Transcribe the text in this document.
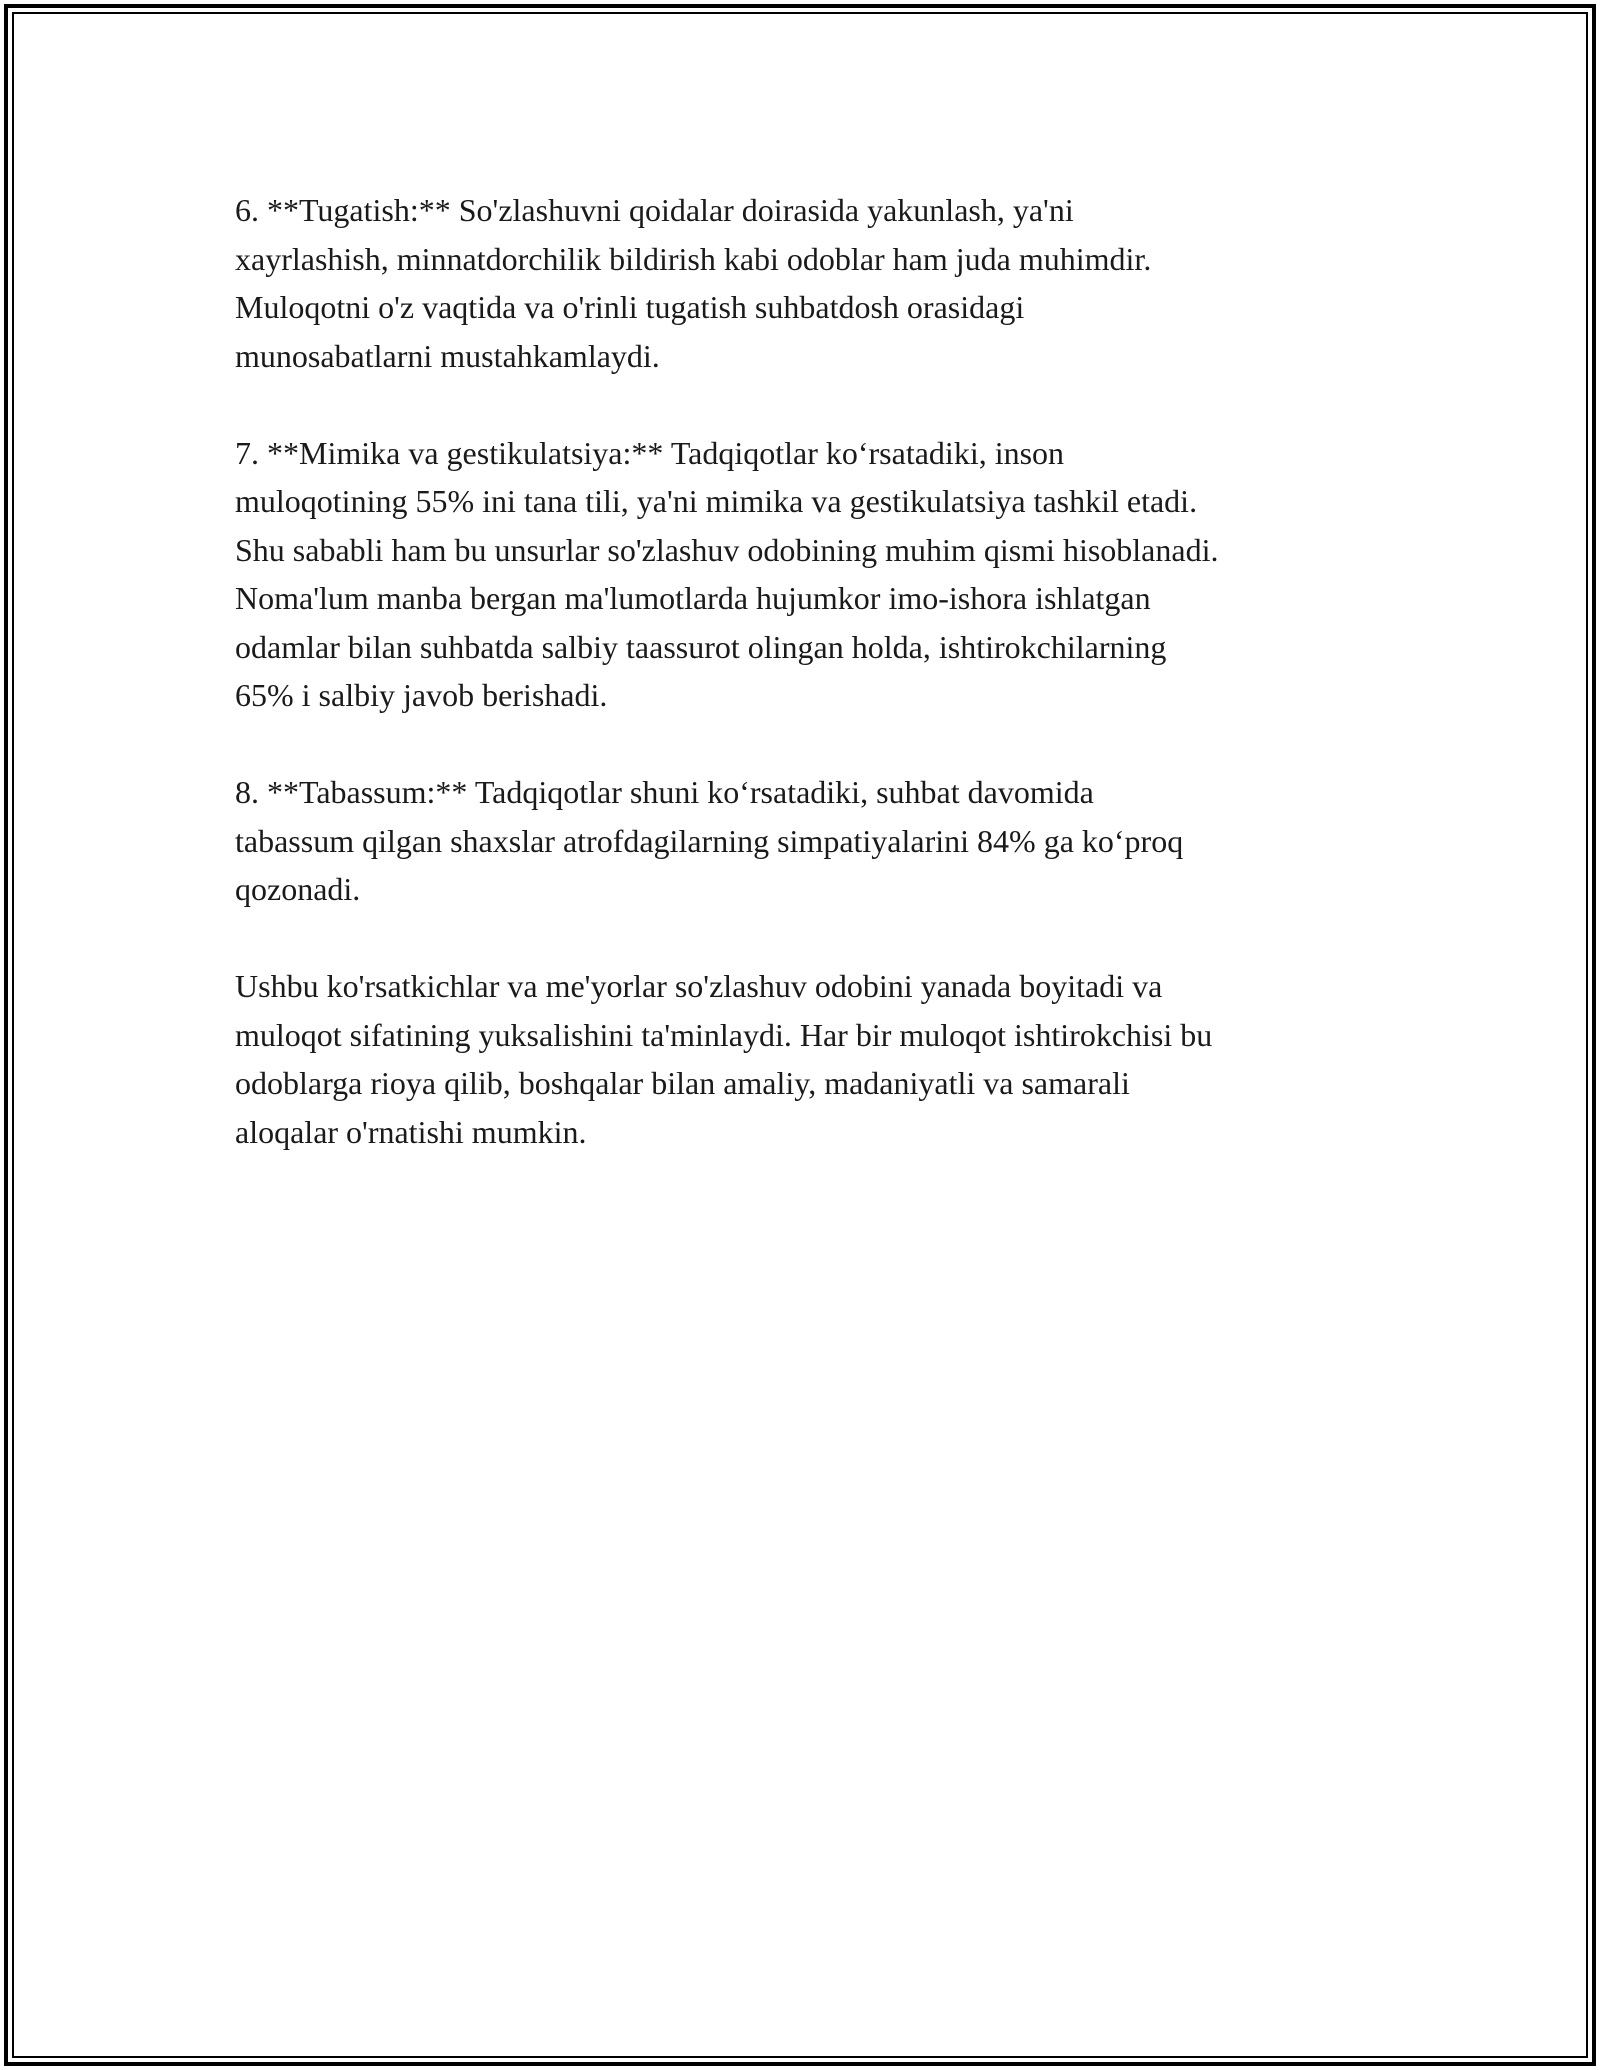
6. **Tugatish:** So'zlashuvni qoidalar doirasida yakunlash, ya'ni
xayrlashish, minnatdorchilik bildirish kabi odoblar ham juda muhimdir.
Muloqotni o'z vaqtida va o'rinli tugatish suhbatdosh orasidagi
munosabatlarni mustahkamlaydi.

7. **Mimika va gestikulatsiya:** Tadqiqotlar ko‘rsatadiki, inson
muloqotining 55% ini tana tili, ya'ni mimika va gestikulatsiya tashkil etadi.
Shu sababli ham bu unsurlar so'zlashuv odobining muhim qismi hisoblanadi.
Noma'lum manba bergan ma'lumotlarda hujumkor imo-ishora ishlatgan
odamlar bilan suhbatda salbiy taassurot olingan holda, ishtirokchilarning
65% i salbiy javob berishadi.

8. **Tabassum:** Tadqiqotlar shuni ko‘rsatadiki, suhbat davomida
tabassum qilgan shaxslar atrofdagilarning simpatiyalarini 84% ga ko‘proq
qozonadi.

Ushbu ko'rsatkichlar va me'yorlar so'zlashuv odobini yanada boyitadi va
muloqot sifatining yuksalishini ta'minlaydi. Har bir muloqot ishtirokchisi bu
odoblarga rioya qilib, boshqalar bilan amaliy, madaniyatli va samarali
aloqalar o'rnatishi mumkin.
